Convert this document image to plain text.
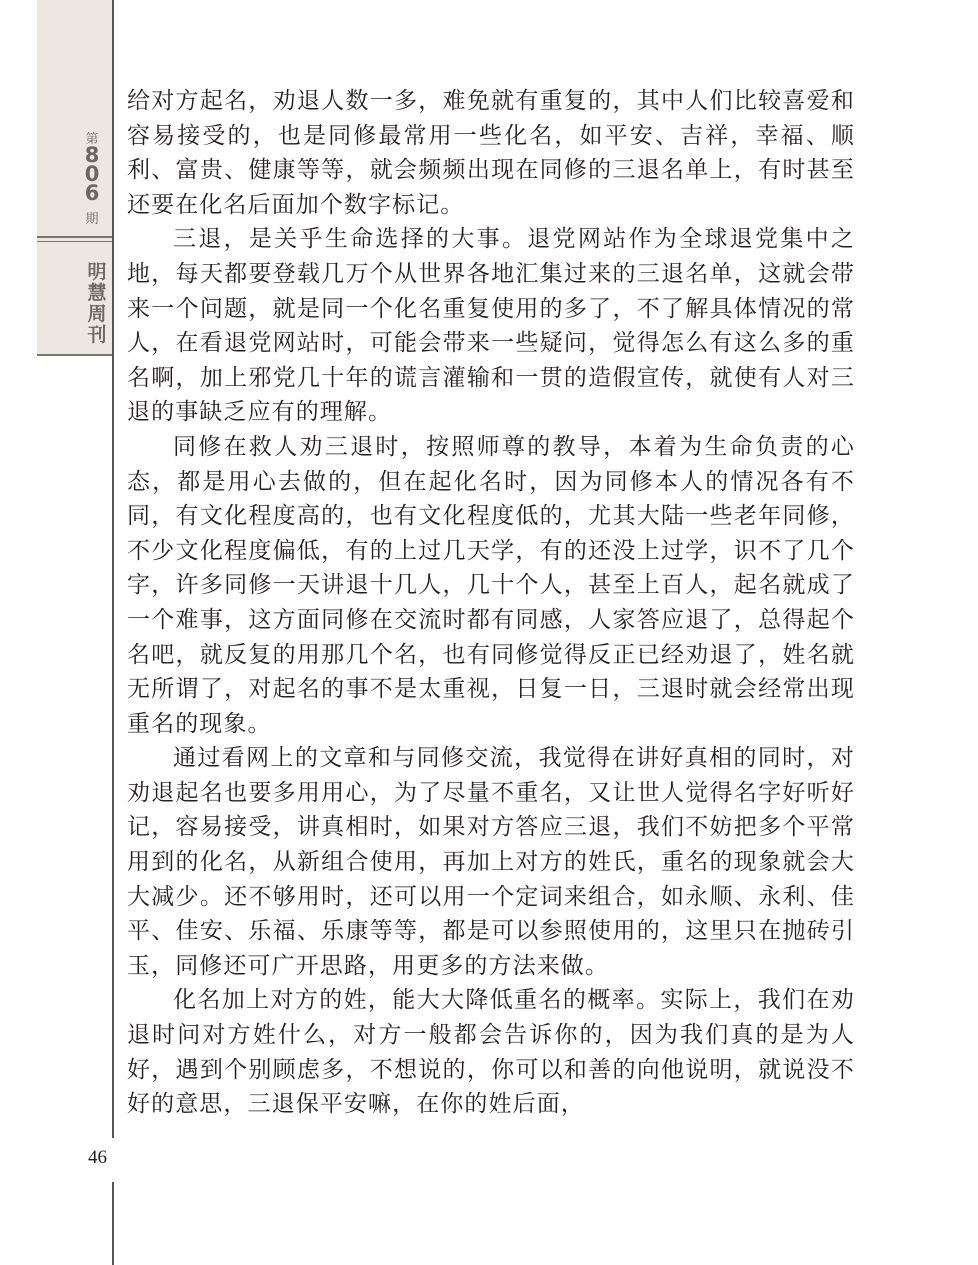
第
806
期
明慧周刊
46

给对方起名，劝退人数一多，难免就有重复的，其中人们比较喜爱和容易接受的，也是同修最常用一些化名，如平安、吉祥，幸福、顺利、富贵、健康等等，就会频频出现在同修的三退名单上，有时甚至还要在化名后面加个数字标记。

三退，是关乎生命选择的大事。退党网站作为全球退党集中之地，每天都要登载几万个从世界各地汇集过来的三退名单，这就会带来一个问题，就是同一个化名重复使用的多了，不了解具体情况的常人，在看退党网站时，可能会带来一些疑问，觉得怎么有这么多的重名啊，加上邪党几十年的谎言灌输和一贯的造假宣传，就使有人对三退的事缺乏应有的理解。

同修在救人劝三退时，按照师尊的教导，本着为生命负责的心态，都是用心去做的，但在起化名时，因为同修本人的情况各有不同，有文化程度高的，也有文化程度低的，尤其大陆一些老年同修，不少文化程度偏低，有的上过几天学，有的还没上过学，识不了几个字，许多同修一天讲退十几人，几十个人，甚至上百人，起名就成了一个难事，这方面同修在交流时都有同感，人家答应退了，总得起个名吧，就反复的用那几个名，也有同修觉得反正已经劝退了，姓名就无所谓了，对起名的事不是太重视，日复一日，三退时就会经常出现重名的现象。

通过看网上的文章和与同修交流，我觉得在讲好真相的同时，对劝退起名也要多用用心，为了尽量不重名，又让世人觉得名字好听好记，容易接受，讲真相时，如果对方答应三退，我们不妨把多个平常用到的化名，从新组合使用，再加上对方的姓氏，重名的现象就会大大减少。还不够用时，还可以用一个定词来组合，如永顺、永利、佳平、佳安、乐福、乐康等等，都是可以参照使用的，这里只在抛砖引玉，同修还可广开思路，用更多的方法来做。

化名加上对方的姓，能大大降低重名的概率。实际上，我们在劝退时问对方姓什么，对方一般都会告诉你的，因为我们真的是为人好，遇到个别顾虑多，不想说的，你可以和善的向他说明，就说没不好的意思，三退保平安嘛，在你的姓后面，
